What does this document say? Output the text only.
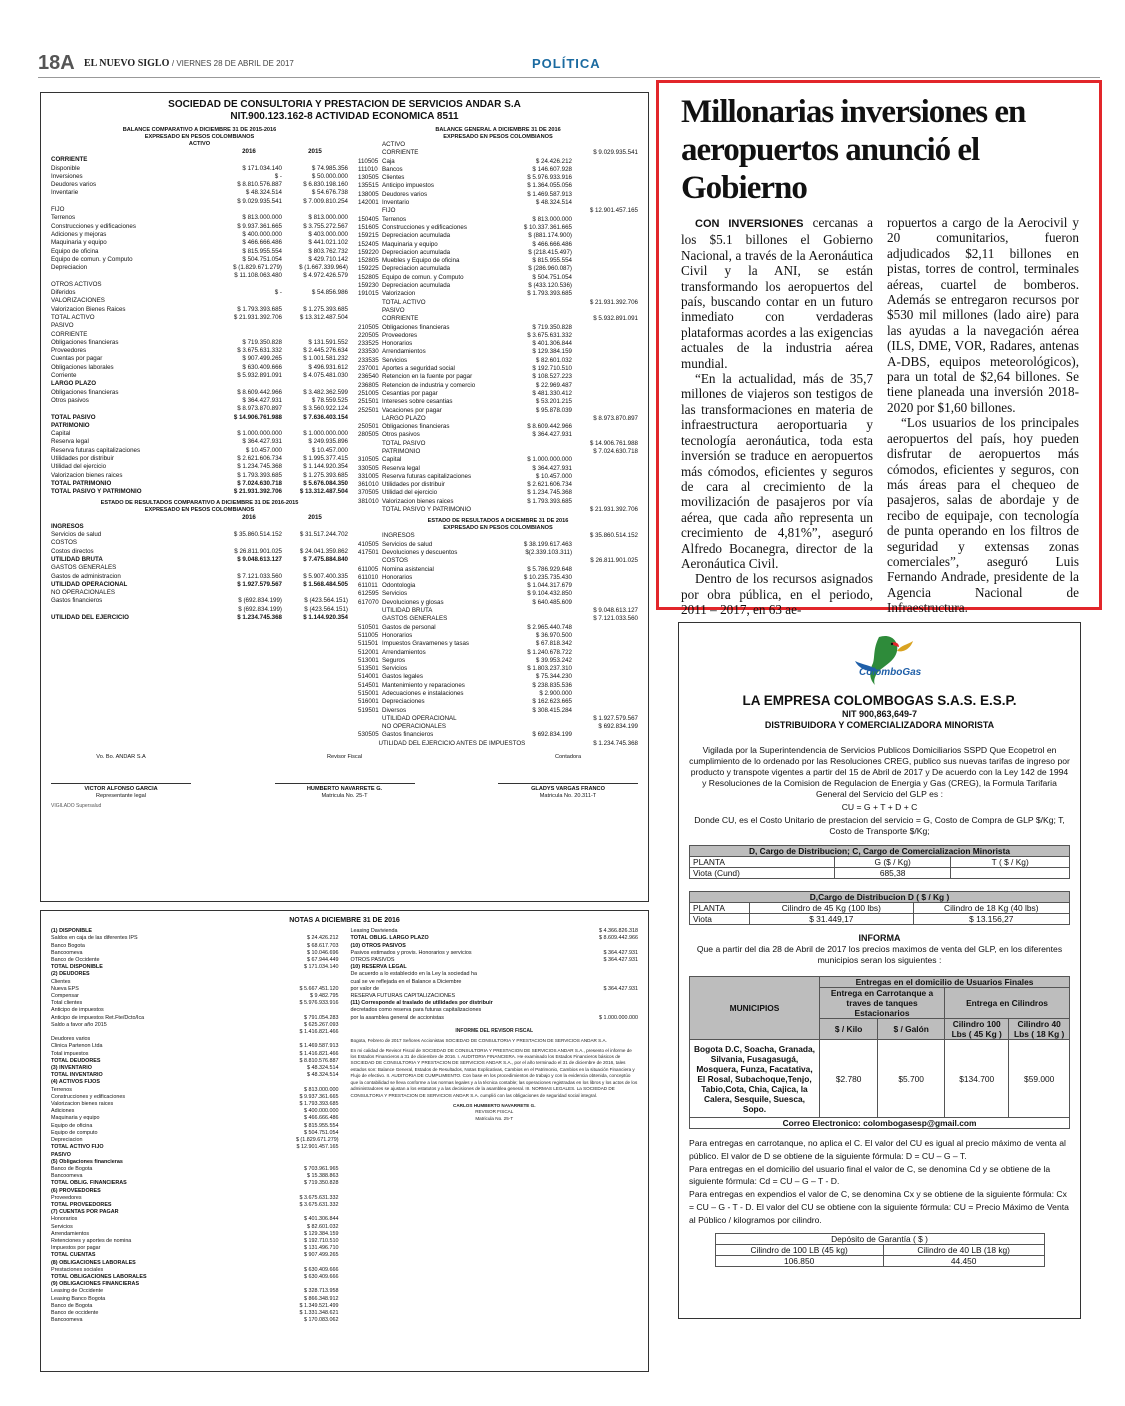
18A EL NUEVO SIGLO / VIERNES 28 DE ABRIL DE 2017	POLÍTICA
SOCIEDAD DE CONSULTORIA Y PRESTACION DE SERVICIOS ANDAR S.A
NIT.900.123.162-8 ACTIVIDAD ECONOMICA 8511
BALANCE COMPARATIVO A DICIEMBRE 31 DE 2015-2016
EXPRESADO EN PESOS COLOMBIANOS
ACTIVO
2016	2015
CORRIENTE
Disponible	$ 171.034.140	$ 74.985.356
Inversiones	$ -	$ 50.000.000
Deudores varios	$ 8.810.576.887	$ 6.830.198.160
Inventarie	$ 48.324.514	$ 54.676.738
$ 9.029.935.541	$ 7.009.810.254
FIJO
Terrenos	$ 813.000.000	$ 813.000.000
Construcciones y edificaciones	$ 9.937.361.665	$ 3.755.272.567
Adiciones y mejoras	$ 400.000.000	$ 403.000.000
Maquinaria y equipo	$ 466.666.486	$ 441.021.102
Equipo de oficina	$ 815.955.554	$ 803.762.732
Equipo de comun. y Computo	$ 504.751.054	$ 429.710.142
Depreciacion	$ (1.829.671.279)	$ (1.667.339.964)
$ 11.108.063.480	$ 4.972.426.579
OTROS ACTIVOS
Diferidos	$ -	$ 54.856.986
VALORIZACIONES
Valorizacion Bienes Raices	$ 1.793.393.685	$ 1.275.393.685
TOTAL ACTIVO	$ 21.931.392.706	$ 13.312.487.504
PASIVO
CORRIENTE
Obligaciones financieras	$ 719.350.828	$ 131.591.552
Proveedores	$ 3.675.631.332	$ 2.445.276.634
Cuentas por pagar	$ 907.499.265	$ 1.001.581.232
Obligaciones laborales	$ 630.409.666	$ 496.931.612
Corriente	$ 5.932.891.091	$ 4.075.481.030
LARGO PLAZO
Obligaciones financieras	$ 8.609.442.966	$ 3.482.362.599
Otros pasivos	$ 364.427.931	$ 78.559.525
$ 8.973.870.897	$ 3.560.922.124
TOTAL PASIVO	$ 14.906.761.988	$ 7.636.403.154
PATRIMONIO
Capital	$ 1.000.000.000	$ 1.000.000.000
Reserva legal	$ 364.427.931	$ 249.935.896
Reserva futuras capitalizaciones	$ 10.457.000	$ 10.457.000
Utilidades por distribuir	$ 2.621.606.734	$ 1.995.377.415
Utilidad del ejercicio	$ 1.234.745.368	$ 1.144.920.354
Valorizacion bienes raices	$ 1.793.393.685	$ 1.275.393.685
TOTAL PATRIMONIO	$ 7.024.630.718	$ 5.676.084.350
TOTAL PASIVO Y PATRIMONIO	$ 21.931.392.706	$ 13.312.487.504
ESTADO DE RESULTADOS COMPARATIVO A DICIEMBRE 31 DE 2016-2015
EXPRESADO EN PESOS COLOMBIANOS
2016	2015
INGRESOS
Servicios de salud	$ 35.860.514.152	$ 31.517.244.702
COSTOS
Costos directos	$ 26.811.901.025	$ 24.041.359.862
UTILIDAD BRUTA	$ 9.048.613.127	$ 7.475.884.840
GASTOS GENERALES
Gastos de administracion	$ 7.121.033.560	$ 5.907.400.335
UTILIDAD OPERACIONAL	$ 1.927.579.567	$ 1.568.484.505
NO OPERACIONALES
Gastos financieros	$ (692.834.199)	$ (423.564.151)
$ (692.834.199)	$ (423.564.151)
UTILIDAD DEL EJERCICIO	$ 1.234.745.368	$ 1.144.920.354
BALANCE GENERAL A DICIEMBRE 31 DE 2016
EXPRESADO EN PESOS COLOMBIANOS
ACTIVO
CORRIENTE	$ 9.029.935.541
110505 Caja	$ 24.426.212
111010 Bancos	$ 146.607.928
130505 Clientes	$ 5.976.933.916
135515 Anticipo impuestos	$ 1.364.055.056
138005 Deudores varios	$ 1.469.587.913
142001 Inventario	$ 48.324.514
FIJO	$ 12.901.457.165
150405 Terrenos	$ 813.000.000
151605 Construcciones y edificaciones	$ 10.337.361.665
159215 Depreciacion acumulada	$ (881.174.900)
152405 Maquinaria y equipo	$ 466.666.486
159220 Depreciacion acumulada	$ (218.415.497)
152805 Muebles y Equipo de oficina	$ 815.955.554
159225 Depreciacion acumulada	$ (286.960.087)
152805 Equipo de comun. y Computo	$ 504.751.054
159230 Depreciacion acumulada	$ (433.120.536)
191015 Valorizacion	$ 1.793.393.685
TOTAL ACTIVO	$ 21.931.392.706
PASIVO
CORRIENTE	$ 5.932.891.091
210505 Obligaciones financieras	$ 719.350.828
220505 Proveedores	$ 3.675.631.332
233525 Honorarios	$ 401.306.844
233530 Arrendamientos	$ 129.384.159
233535 Servicios	$ 82.601.032
237001 Aportes a seguridad social	$ 192.710.510
236540 Retencion en la fuente por pagar	$ 108.527.223
236805 Retencion de industria y comercio	$ 22.969.487
251005 Cesantias por pagar	$ 481.330.412
251501 Intereses sobre cesantias	$ 53.201.215
252501 Vacaciones por pagar	$ 95.878.039
LARGO PLAZO	$ 8.973.870.897
250501 Obligaciones financieras	$ 8.609.442.966
280505 Otros pasivos	$ 364.427.931
TOTAL PASIVO	$ 14.906.761.988
PATRIMONIO	$ 7.024.630.718
310505 Capital	$ 1.000.000.000
330505 Reserva legal	$ 364.427.931
331005 Reserva futuras capitalizaciones	$ 10.457.000
361010 Utilidades por distribuir	$ 2.621.606.734
370505 Utilidad del ejercicio	$ 1.234.745.368
381010 Valorizacion bienes raices	$ 1.793.393.685
TOTAL PASIVO Y PATRIMONIO	$ 21.931.392.706
ESTADO DE RESULTADOS A DICIEMBRE 31 DE 2016
EXPRESADO EN PESOS COLOMBIANOS
INGRESOS	$ 35.860.514.152
410505 Servicios de salud	$ 38.199.617.463
417501 Devoluciones y descuentos	$(2.339.103.311)
COSTOS	$ 26.811.901.025
611005 Nomina asistencial	$ 5.786.929.648
611010 Honorarios	$ 10.235.735.430
611011 Odontologia	$ 1.044.317.679
612595 Servicios	$ 9.104.432.850
617070 Devoluciones y glosas	$ 640.485.609
UTILIDAD BRUTA	$ 9.048.613.127
GASTOS GENERALES	$ 7.121.033.560
510501 Gastos de personal	$ 2.965.440.748
511005 Honorarios	$ 36.970.500
511501 Impuestos Gravamenes y tasas	$ 67.818.342
512001 Arrendamientos	$ 1.240.678.722
513001 Seguros	$ 39.953.242
513501 Servicios	$ 1.803.237.310
514001 Gastos legales	$ 75.344.230
514501 Mantenimiento y reparaciones	$ 238.835.536
515001 Adecuaciones e instalaciones	$ 2.900.000
516001 Depreciaciones	$ 162.623.665
519501 Diversos	$ 308.415.284
UTILIDAD OPERACIONAL	$ 1.927.579.567
NO OPERACIONALES	$ 692.834.199
530505 Gastos financieros	$ 692.834.199
UTILIDAD DEL EJERCICIO ANTES DE IMPUESTOS	$ 1.234.745.368
Vo. Bo. ANDAR S.A
VICTOR ALFONSO GARCIA
Representante legal
Revisor Fiscal
HUMBERTO NAVARRETE G.
Matricula No. 25-T
Contadora
GLADYS VARGAS FRANCO
Matricula No. 20.311-T
VIGILADO Supersalud
NOTAS A DICIEMBRE 31 DE 2016
(1) DISPONIBLE
Saldos en caja de las diferentes IPS	$ 24.426.212
Banco Bogota	$ 68.617.703
Bancoomeva	$ 10.046.696
Banco de Occidente	$ 67.944.449
TOTAL DISPONIBLE	$ 171.034.140
(2) DEUDORES
Clientes
Nueva EPS	$ 5.667.451.120
Compensar	$ 9.482.795
Total clientes	$ 5.976.933.916
Anticipo de impuestos
Anticipo de impuestos Ret.Fte/Dcto/Ica	$ 791.054.283
Saldo a favor año 2015	$ 625.267.093
$ 1.416.821.466
Deudores varios
Clinica Partenon Ltda	$ 1.469.587.913
Total impuestos	$ 1.416.821.466
TOTAL DEUDORES	$ 8.810.576.887
(3) INVENTARIO	$ 48.324.514
TOTAL INVENTARIO	$ 48.324.514
(4) ACTIVOS FIJOS
Terrenos	$ 813.000.000
Construcciones y edificaciones	$ 9.937.361.665
Valorizacion bienes raices	$ 1.793.393.685
Adiciones	$ 400.000.000
Maquinaria y equipo	$ 466.666.486
Equipo de oficina	$ 815.955.554
Equipo de computo	$ 504.751.054
Depreciacion	$ (1.829.671.279)
TOTAL ACTIVO FIJO	$ 12.901.457.165
PASIVO
(5) Obligaciones financieras
Banco de Bogota	$ 703.961.965
Bancoomeva	$ 15.388.863
TOTAL OBLIG. FINANCIERAS	$ 719.350.828
(6) PROVEEDORES
Proveedores	$ 3.675.631.332
TOTAL PROVEEDORES	$ 3.675.631.332
(7) CUENTAS POR PAGAR
Honorarios	$ 401.306.844
Servicios	$ 82.601.032
Arrendamientos	$ 129.384.159
Retenciones y aportes de nomina	$ 192.710.510
Impuestos por pagar	$ 131.496.710
TOTAL CUENTAS	$ 907.499.265
(8) OBLIGACIONES LABORALES
Prestaciones sociales	$ 630.409.666
TOTAL OBLIGACIONES LABORALES	$ 630.409.666
(9) OBLIGACIONES FINANCIERAS
Leasing de Occidente	$ 328.713.958
Leasing Banco Bogota	$ 866.348.912
Banco de Bogota	$ 1.349.521.499
Banco de occidente	$ 1.331.348.621
Bancoomeva	$ 170.083.062
Leasing Davivienda	$ 4.366.826.318
TOTAL OBLIG. LARGO PLAZO	$ 8.609.442.966
(10) OTROS PASIVOS
Pasivos estimados y provis. Honorarios y servicios	$ 364.427.931
OTROS PASIVOS	$ 364.427.931
(10) RESERVA LEGAL
De acuerdo a lo establecido en la Ley la sociedad ha
cual se ve reflejada en el Balance a Diciembre
por valor de	$ 364.427.931
RESERVA FUTURAS CAPITALIZACIONES
(11) Corresponde al traslado de utilidades por distribuir
decretados como reserva para futuras capitalizaciones
por la asamblea general de accionistas	$ 1.000.000.000
INFORME DEL REVISOR FISCAL
Bogota, Febrero de 2017 Señores Accionistas SOCIEDAD DE CONSULTORIA Y PRESTACION DE SERVICIOS ANDAR S.A.
En mi calidad de Revisor Fiscal de SOCIEDAD DE CONSULTORIA Y PRESTACION DE SERVICIOS ANDAR S.A., presento el informe de los Estados Financieros a 31 de diciembre de 2016. I. AUDITORIA FINANCIERA. He examinado los Estados Financieros básicos de SOCIEDAD DE CONSULTORIA Y PRESTACION DE SERVICIOS ANDAR S.A., por el año terminado el 31 de diciembre de 2016, tales estados son: Balance General, Estados de Resultados, Notas Explicativas, Cambios en el Patrimonio, Cambios en la situación Financiera y Flujo de efectivo. II. AUDITORIA DE CUMPLIMIENTO. Con base en los procedimientos de trabajo y con la evidencia obtenida, conceptúo que la contabilidad se lleva conforme a las normas legales y a la técnica contable; las operaciones registradas en los libros y los actos de los administradores se ajustan a los estatutos y a las decisiones de la asamblea general. III. NORMAS LEGALES. La SOCIEDAD DE CONSULTORIA Y PRESTACION DE SERVICIOS ANDAR S.A. cumplió con las obligaciones de seguridad social integral.
CARLOS HUMBERTO NAVARRETE G.
REVISOR FISCAL
Matricula No. 25-T
Millonarias inversiones en aeropuertos anunció el Gobierno

CON INVERSIONES cercanas a los $5.1 billones el Gobierno Nacional, a través de la Aeronáutica Civil y la ANI, se están transformando los aeropuertos del país, buscando contar en un futuro inmediato con verdaderas plataformas acordes a las exigencias actuales de la industria aérea mundial.

“En la actualidad, más de 35,7 millones de viajeros son testigos de las transformaciones en materia de infraestructura aeroportuaria y tecnología aeronáutica, toda esta inversión se traduce en aeropuertos más cómodos, eficientes y seguros de cara al crecimiento de la movilización de pasajeros por vía aérea, que cada año representa un crecimiento de 4,81%”, aseguró Alfredo Bocanegra, director de la Aeronáutica Civil.

Dentro de los recursos asignados por obra pública, en el periodo, 2011 – 2017, en 63 ae-

ropuertos a cargo de la Aerocivil y 20 comunitarios, fueron adjudicados $2,11 billones en pistas, torres de control, terminales aéreas, cuartel de bomberos. Además se entregaron recursos por $530 mil millones (lado aire) para las ayudas a la navegación aérea (ILS, DME, VOR, Radares, antenas A-DBS, equipos meteorológicos), para un total de $2,64 billones. Se tiene planeada una inversión 2018-2020 por $1,60 billones.

“Los usuarios de los principales aeropuertos del país, hoy pueden disfrutar de aeropuertos más cómodos, eficientes y seguros, con más áreas para el chequeo de pasajeros, salas de abordaje y de recibo de equipaje, con tecnología de punta operando en los filtros de seguridad y extensas zonas comerciales”, aseguró Luis Fernando Andrade, presidente de la Agencia Nacional de Infraestructura.

ColomboGas
LA EMPRESA COLOMBOGAS S.A.S. E.S.P.
NIT 900,863,649-7
DISTRIBUIDORA Y COMERCIALIZADORA MINORISTA
Vigilada por la Superintendencia de Servicios Publicos Domiciliarios SSPD Que Ecopetrol en cumplimiento de lo ordenado por las Resoluciones CREG, publico sus nuevas tarifas de ingreso por producto y transpote vigentes a partir del 15 de Abril de 2017 y De acuerdo con la Ley 142 de 1994 y Resoluciones de la Comision de Regulacion de Energia y Gas (CREG), la Formula Tarifaria General del Servicio del GLP es :
CU = G + T + D + C
Donde CU, es el Costo Unitario de prestacion del servicio = G, Costo de Compra de GLP $/Kg; T, Costo de Transporte $/Kg;
D, Cargo de Distribucion; C, Cargo de Comercializacion Minorista		
PLANTA	G ($ / Kg)	T ( $ / Kg)
Viota (Cund)	685,38	
D,Cargo de Distribucion D ( $ / Kg )		
PLANTA	Cilindro de 45 Kg (100 lbs)	Cilindro de 18 Kg (40 lbs)
Viota	$ 31.449,17	$ 13.156,27
INFORMA
Que a partir del dia 28 de Abril de 2017 los precios maximos de venta del GLP, en los diferentes municipios seran los siguientes :
MUNICIPIOS	Entregas en el domicilio de Usuarios Finales			
	Entrega en Carrotanque a traves de tanques Estacionarios		Entrega en Cilindros	
	$ / Kilo	$ / Galón	Cilindro 100 Lbs ( 45 Kg )	Cilindro 40 Lbs ( 18 Kg )
Bogota D.C, Soacha, Granada, Silvania, Fusagasugá, Mosquera, Funza, Facatativa, El Rosal, Subachoque,Tenjo, Tabio,Cota, Chia, Cajica, la Calera, Sesquile, Suesca, Sopo.	$2.780	$5.700	$134.700	$59.000
Correo Electronico: colombogasesp@gmail.com				
Para entregas en carrotanque, no aplica el C. El valor del CU es igual al precio máximo de venta al público. El valor de D se obtiene de la siguiente fórmula: D = CU – G – T.
Para entregas en el domicilio del usuario final el valor de C, se denomina Cd y se obtiene de la siguiente fórmula: Cd = CU – G – T - D.
Para entregas en expendios el valor de C, se denomina Cx y se obtiene de la siguiente fórmula: Cx = CU – G - T - D. El valor del CU se obtiene con la siguiente fórmula: CU = Precio Máximo de Venta al Público / kilogramos por cilindro.
Depósito de Garantía ( $ )	
Cilindro de 100 LB (45 kg)	Cilindro de 40 LB (18 kg)
106.850	44.450
